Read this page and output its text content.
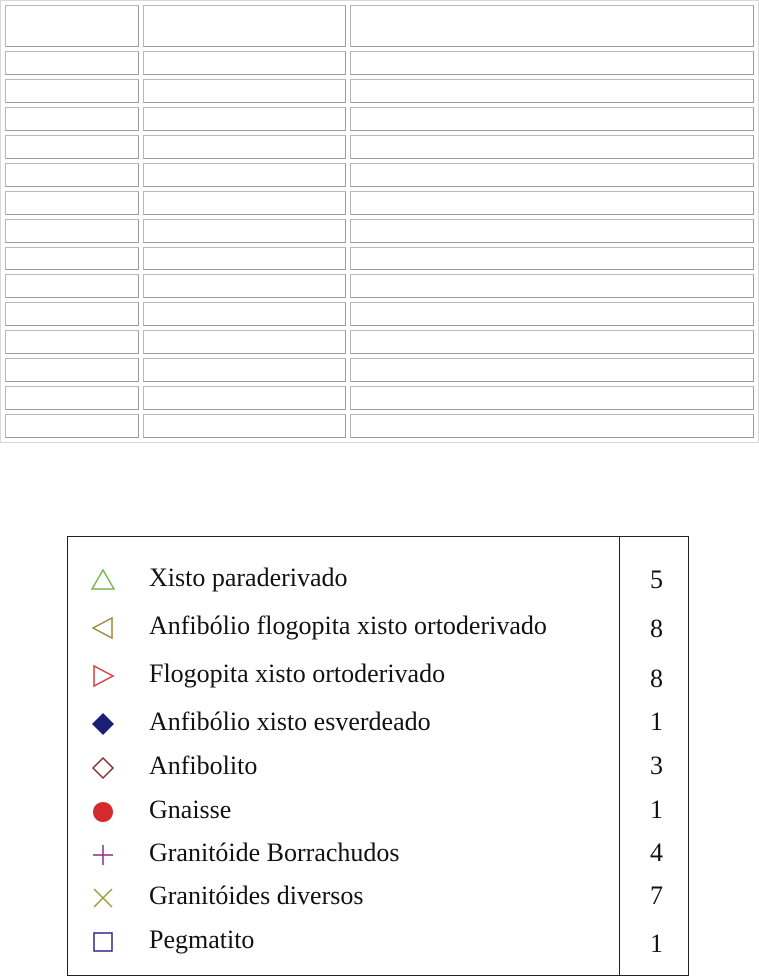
Xisto paraderivado	5
Anfibólio flogopita xisto ortoderivado	8
Flogopita xisto ortoderivado	8
Anfibólio xisto esverdeado	1
Anfibolito	3
Gnaisse	1
Granitóide Borrachudos	4
Granitóides diversos	7
Pegmatito	1
